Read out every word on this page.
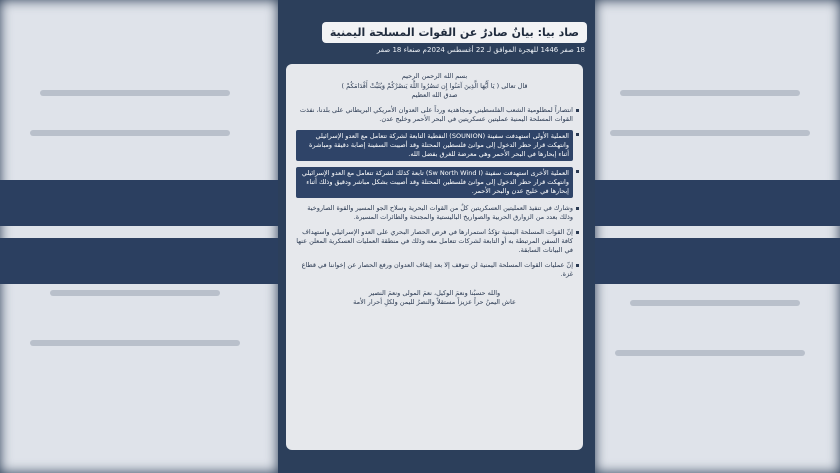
صاد بيا: بيانٌ صادرٌ عن القوات المسلحة اليمنية
18 صفر 1446 للهجرة الموافق لـ 22 أغسطس 2024م صنعاء 18 صفر
بسم الله الرحمن الرحيم
قال تعالى ( يَا أَيُّهَا الَّذِينَ آمَنُوا إِن تَنصُرُوا اللَّهَ يَنصُرْكُمْ وَيُثَبِّتْ أَقْدَامَكُمْ )
صدق الله العظيم
انتصاراً لمظلومية الشعب الفلسطيني ومجاهديه ورداً على العدوان الأمريكي البريطاني على بلدنا، نفذت القوات المسلحة اليمنية عمليتين عسكريتين في البحر الأحمر وخليج عدن.
العملية الأولى استهدفت سفينة (SOUNION) النفطية التابعة لشركة تتعامل مع العدو الإسرائيلي وانتهكت قرار حظر الدخول إلى موانئ فلسطين المحتلة وقد أصيبت السفينة إصابة دقيقة ومباشرة أثناء إبحارها في البحر الأحمر وهي معرضة للغرق بفضل الله.
العملية الأخرى استهدفت سفينة (Sw North Wind I) تابعة كذلك لشركة تتعامل مع العدو الإسرائيلي وانتهكت قرار حظر الدخول إلى موانئ فلسطين المحتلة وقد أصيبت بشكل مباشر ودقيق وذلك أثناء إبحارها في خليج عدن والبحر الأحمر.
وشارك في تنفيذ العمليتين العسكريتين كلٌ من القوات البحرية وسلاح الجو المسير والقوة الصاروخية وذلك بعدد من الزوارق الحربية والصواريخ الباليستية والمجنحة والطائرات المسيرة.
إنّ القوات المسلحة اليمنية تؤكدُ استمرارها في فرض الحصار البحري على العدو الإسرائيلي واستهداف كافة السفن المرتبطة به أو التابعة لشركات تتعامل معه وذلك في منطقة العمليات العسكرية المعلن عنها في البيانات السابقة.
إنّ عمليات القوات المسلحة اليمنية لن تتوقف إلا بعد إيقاف العدوان ورفع الحصار عن إخواننا في قطاع غزة.
والله حسبُنا ونعمَ الوكيل، نعمَ المولى ونعمَ النصير
عاش اليمنُ حراً عزيزاً مستقلاً والنصرُ لليمن ولكلِ أحرار الأمة
